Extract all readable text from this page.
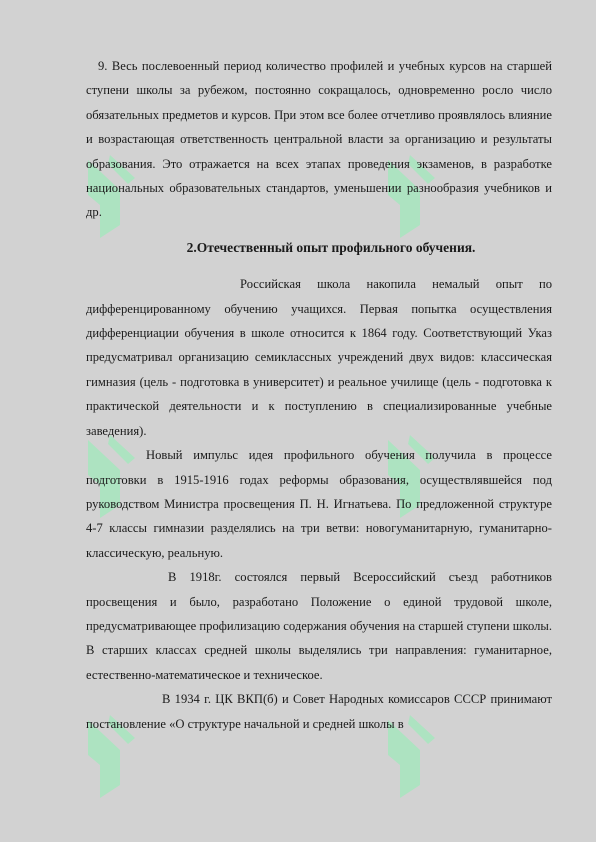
9. Весь послевоенный период количество профилей и учебных курсов на старшей ступени школы за рубежом, постоянно сокращалось, одновременно росло число обязательных предметов и курсов. При этом все более отчетливо проявлялось влияние и возрастающая ответственность центральной власти за организацию и результаты образования. Это отражается на всех этапах проведения экзаменов, в разработке национальных образовательных стандартов, уменьшении разнообразия учебников и др.

2.Отечественный опыт профильного обучения.

Российская школа накопила немалый опыт по дифференцированному обучению учащихся. Первая попытка осуществления дифференциации обучения в школе относится к 1864 году. Соответствующий Указ предусматривал организацию семиклассных учреждений двух видов: классическая гимназия (цель - подготовка в университет) и реальное училище (цель - подготовка к практической деятельности и к поступлению в специализированные учебные заведения).

Новый импульс идея профильного обучения получила в процессе подготовки в 1915-1916 годах реформы образования, осуществлявшейся под руководством Министра просвещения П. Н. Игнатьева. По предложенной структуре 4-7 классы гимназии разделялись на три ветви: новогуманитарную, гуманитарно-классическую, реальную.

В 1918г. состоялся первый Всероссийский съезд работников просвещения и было, разработано Положение о единой трудовой школе, предусматривающее профилизацию содержания обучения на старшей ступени школы. В старших классах средней школы выделялись три направления: гуманитарное, естественно-математическое и техническое.

В 1934 г. ЦК ВКП(б) и Совет Народных комиссаров СССР принимают постановление «О структуре начальной и средней школы в
